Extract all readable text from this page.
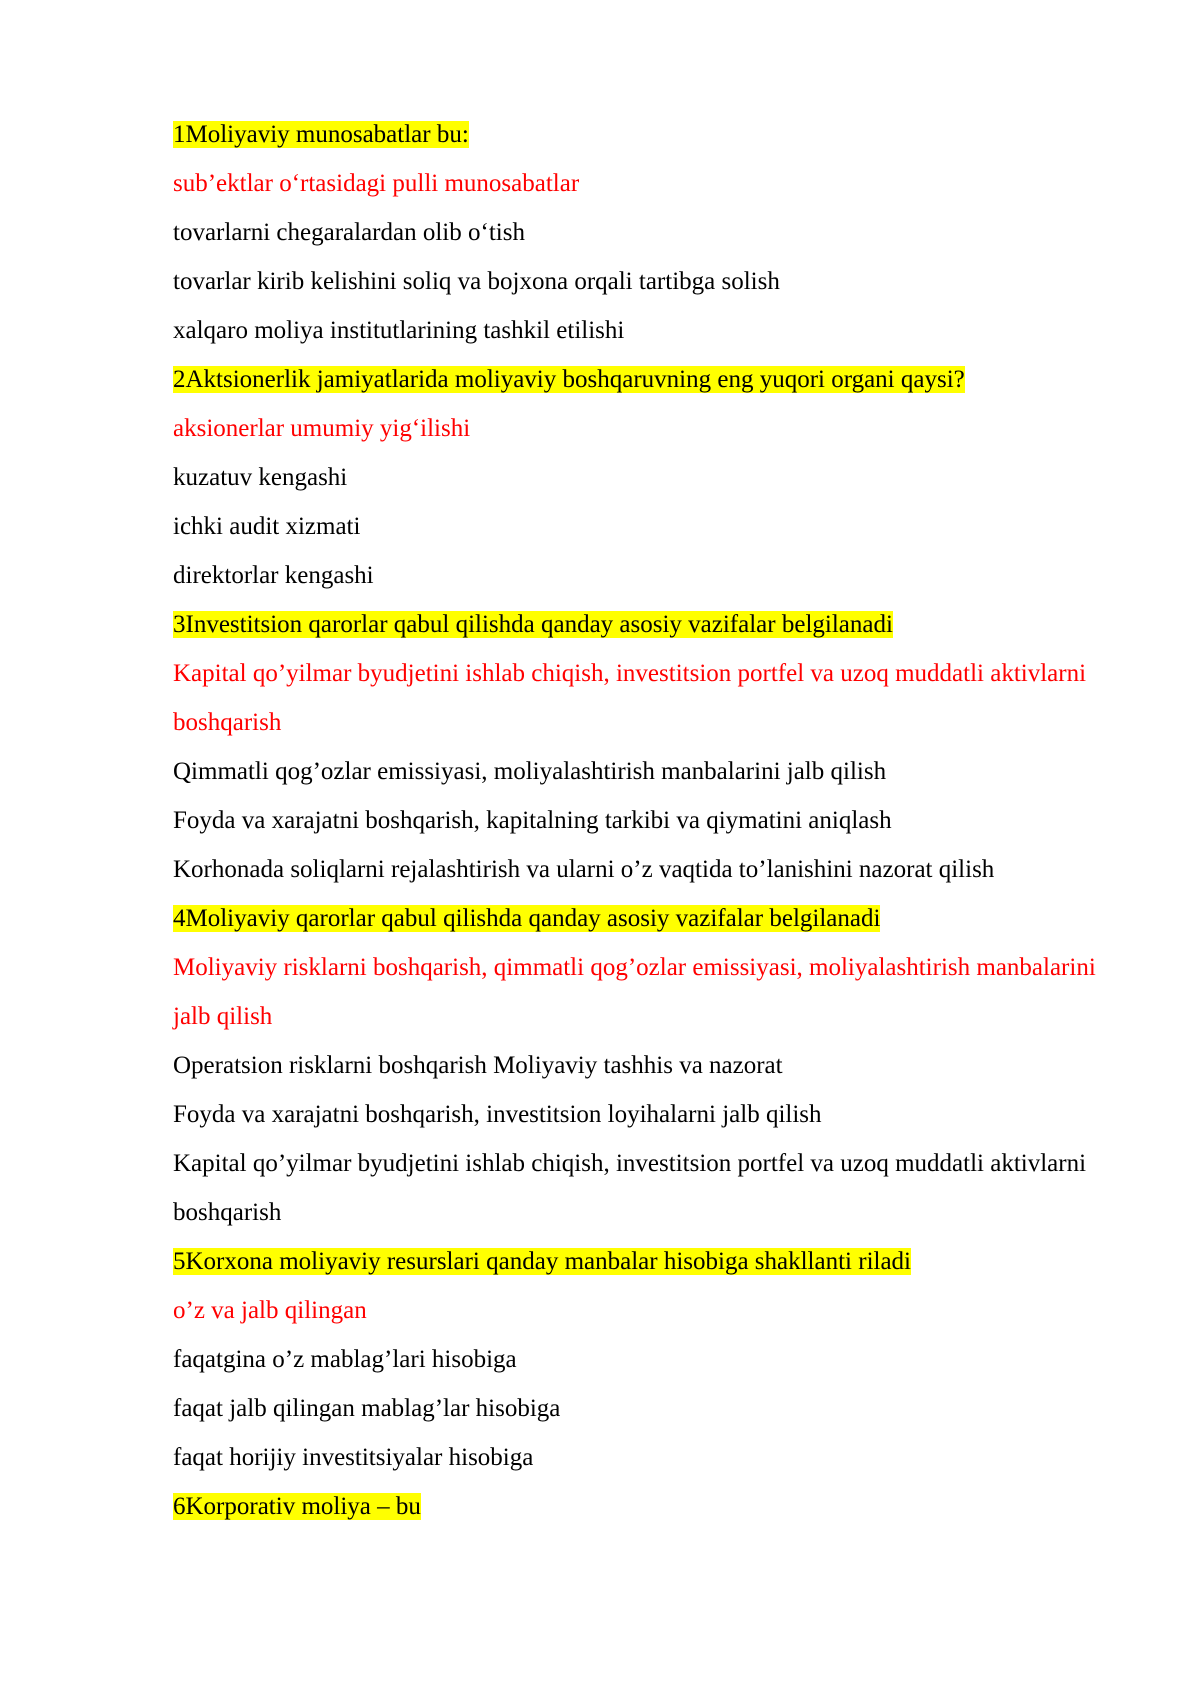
1Moliyaviy munosabatlar bu:
sub’ektlar o‘rtasidagi pulli munosabatlar
tovarlarni chegaralardan olib o‘tish
tovarlar kirib kelishini soliq va bojxona orqali tartibga solish
xalqaro moliya institutlarining tashkil etilishi
2Aktsionerlik jamiyatlarida moliyaviy boshqaruvning eng yuqori organi qaysi?
aksionerlar umumiy yig‘ilishi
kuzatuv kengashi
ichki audit xizmati
direktorlar kengashi
3Investitsion qarorlar qabul qilishda qanday asosiy vazifalar belgilanadi
Kapital qo’yilmar byudjetini ishlab chiqish, investitsion portfel va uzoq muddatli aktivlarni boshqarish
Qimmatli qog’ozlar emissiyasi, moliyalashtirish manbalarini jalb qilish
Foyda va xarajatni boshqarish, kapitalning tarkibi va qiymatini aniqlash
Korhonada soliqlarni rejalashtirish va ularni o’z vaqtida to’lanishini nazorat qilish
4Moliyaviy qarorlar qabul qilishda qanday asosiy vazifalar belgilanadi
Moliyaviy risklarni boshqarish, qimmatli qog’ozlar emissiyasi, moliyalashtirish manbalarini jalb qilish
Operatsion risklarni boshqarish Moliyaviy tashhis va nazorat
Foyda va xarajatni boshqarish, investitsion loyihalarni jalb qilish
Kapital qo’yilmar byudjetini ishlab chiqish, investitsion portfel va uzoq muddatli aktivlarni boshqarish
5Korxona moliyaviy resurslari qanday manbalar hisobiga shakllanti riladi
o’z va jalb qilingan
faqatgina o’z mablag’lari hisobiga
faqat jalb qilingan mablag’lar hisobiga
faqat horijiy investitsiyalar hisobiga
6Korporativ moliya – bu
